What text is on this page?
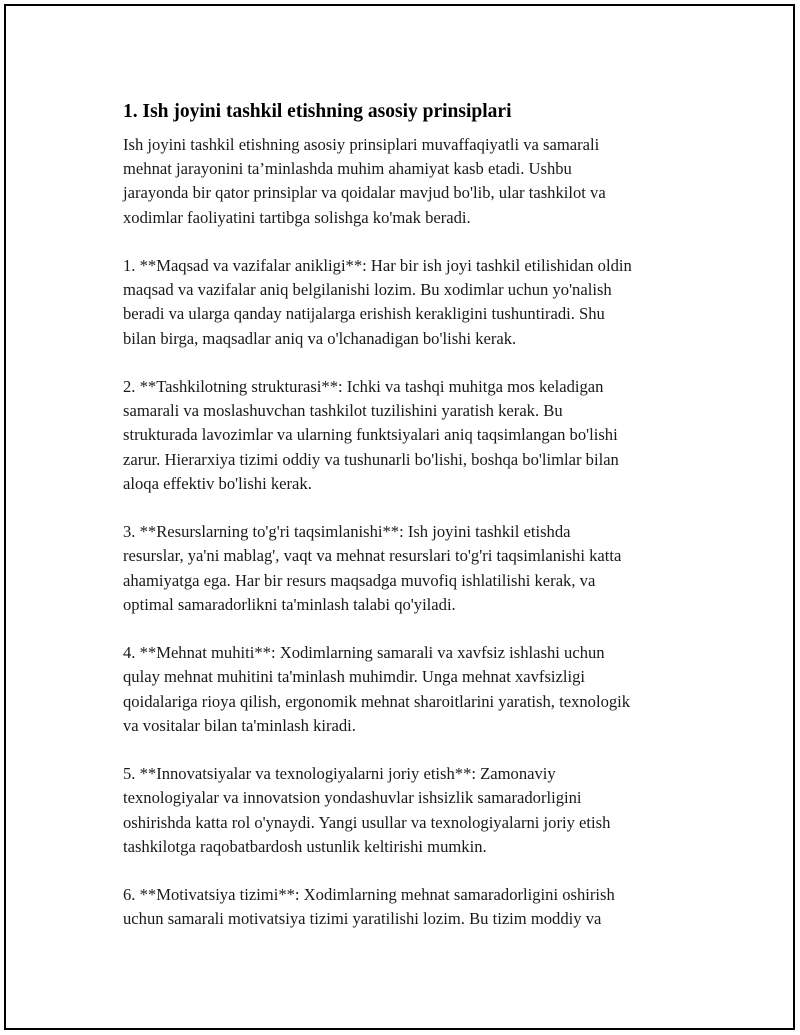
1. Ish joyini tashkil etishning asosiy prinsiplari

Ish joyini tashkil etishning asosiy prinsiplari muvaffaqiyatli va samarali
mehnat jarayonini ta’minlashda muhim ahamiyat kasb etadi. Ushbu
jarayonda bir qator prinsiplar va qoidalar mavjud bo'lib, ular tashkilot va
xodimlar faoliyatini tartibga solishga ko'mak beradi.

1. **Maqsad va vazifalar anikligi**: Har bir ish joyi tashkil etilishidan oldin
maqsad va vazifalar aniq belgilanishi lozim. Bu xodimlar uchun yo'nalish
beradi va ularga qanday natijalarga erishish kerakligini tushuntiradi. Shu
bilan birga, maqsadlar aniq va o'lchanadigan bo'lishi kerak.

2. **Tashkilotning strukturasi**: Ichki va tashqi muhitga mos keladigan
samarali va moslashuvchan tashkilot tuzilishini yaratish kerak. Bu
strukturada lavozimlar va ularning funktsiyalari aniq taqsimlangan bo'lishi
zarur. Hierarxiya tizimi oddiy va tushunarli bo'lishi, boshqa bo'limlar bilan
aloqa effektiv bo'lishi kerak.

3. **Resurslarning to'g'ri taqsimlanishi**: Ish joyini tashkil etishda
resurslar, ya'ni mablag', vaqt va mehnat resurslari to'g'ri taqsimlanishi katta
ahamiyatga ega. Har bir resurs maqsadga muvofiq ishlatilishi kerak, va
optimal samaradorlikni ta'minlash talabi qo'yiladi.

4. **Mehnat muhiti**: Xodimlarning samarali va xavfsiz ishlashi uchun
qulay mehnat muhitini ta'minlash muhimdir. Unga mehnat xavfsizligi
qoidalariga rioya qilish, ergonomik mehnat sharoitlarini yaratish, texnologik
va vositalar bilan ta'minlash kiradi.

5. **Innovatsiyalar va texnologiyalarni joriy etish**: Zamonaviy
texnologiyalar va innovatsion yondashuvlar ishsizlik samaradorligini
oshirishda katta rol o'ynaydi. Yangi usullar va texnologiyalarni joriy etish
tashkilotga raqobatbardosh ustunlik keltirishi mumkin.

6. **Motivatsiya tizimi**: Xodimlarning mehnat samaradorligini oshirish
uchun samarali motivatsiya tizimi yaratilishi lozim. Bu tizim moddiy va
